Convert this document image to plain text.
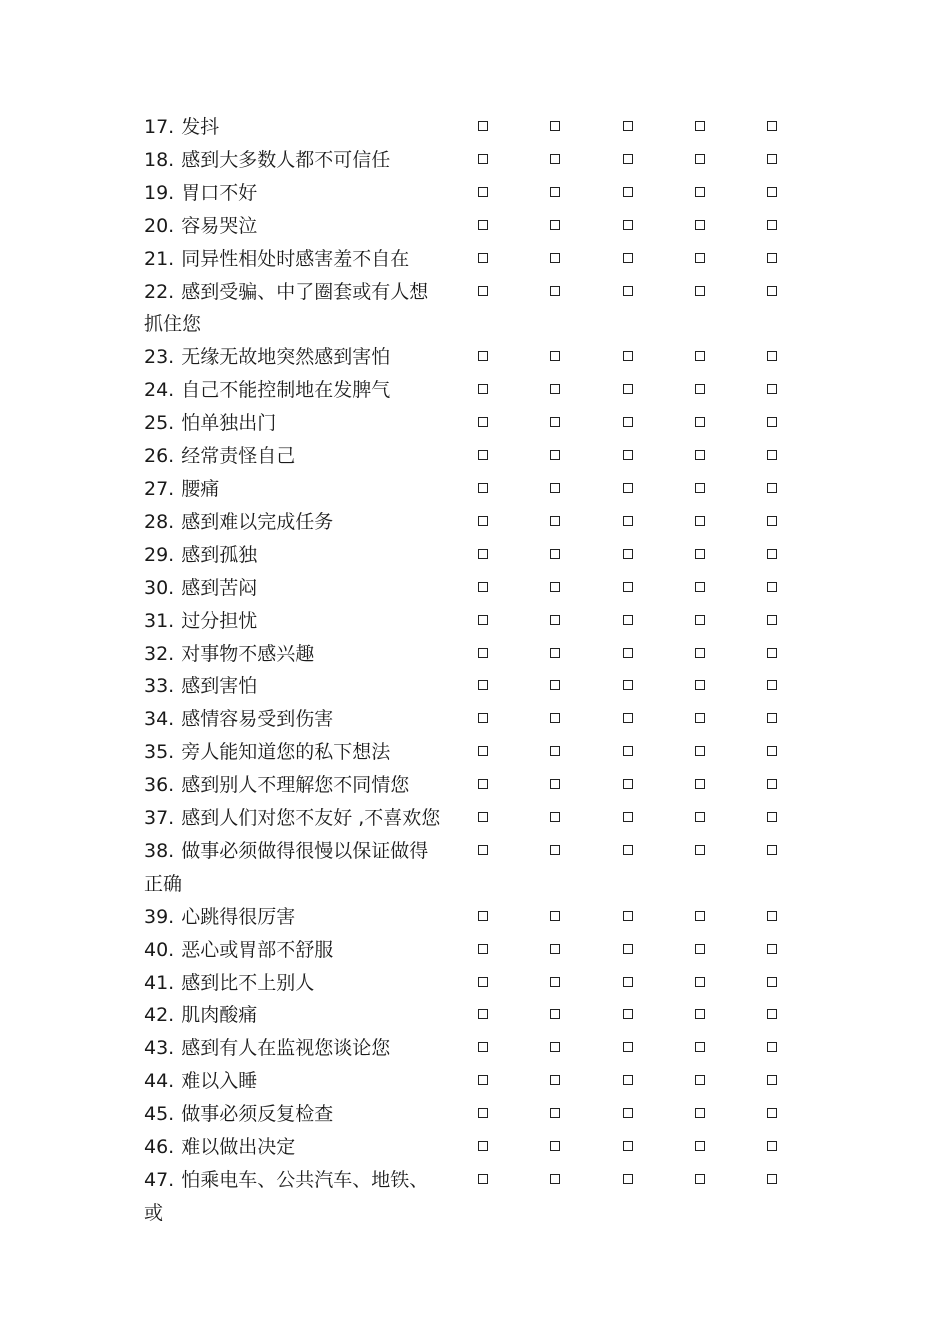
17. 发抖
18. 感到大多数人都不可信任
19. 胃口不好
20. 容易哭泣
21. 同异性相处时感害羞不自在
22. 感到受骗、中了圈套或有人想抓住您
23. 无缘无故地突然感到害怕
24. 自己不能控制地在发脾气
25. 怕单独出门
26. 经常责怪自己
27. 腰痛
28. 感到难以完成任务
29. 感到孤独
30. 感到苦闷
31. 过分担忧
32. 对事物不感兴趣
33. 感到害怕
34. 感情容易受到伤害
35. 旁人能知道您的私下想法
36. 感到别人不理解您不同情您
37. 感到人们对您不友好 ,不喜欢您
38. 做事必须做得很慢以保证做得正确
39. 心跳得很厉害
40. 恶心或胃部不舒服
41. 感到比不上别人
42. 肌肉酸痛
43. 感到有人在监视您谈论您
44. 难以入睡
45. 做事必须反复检查
46. 难以做出决定
47. 怕乘电车、公共汽车、地铁、或
